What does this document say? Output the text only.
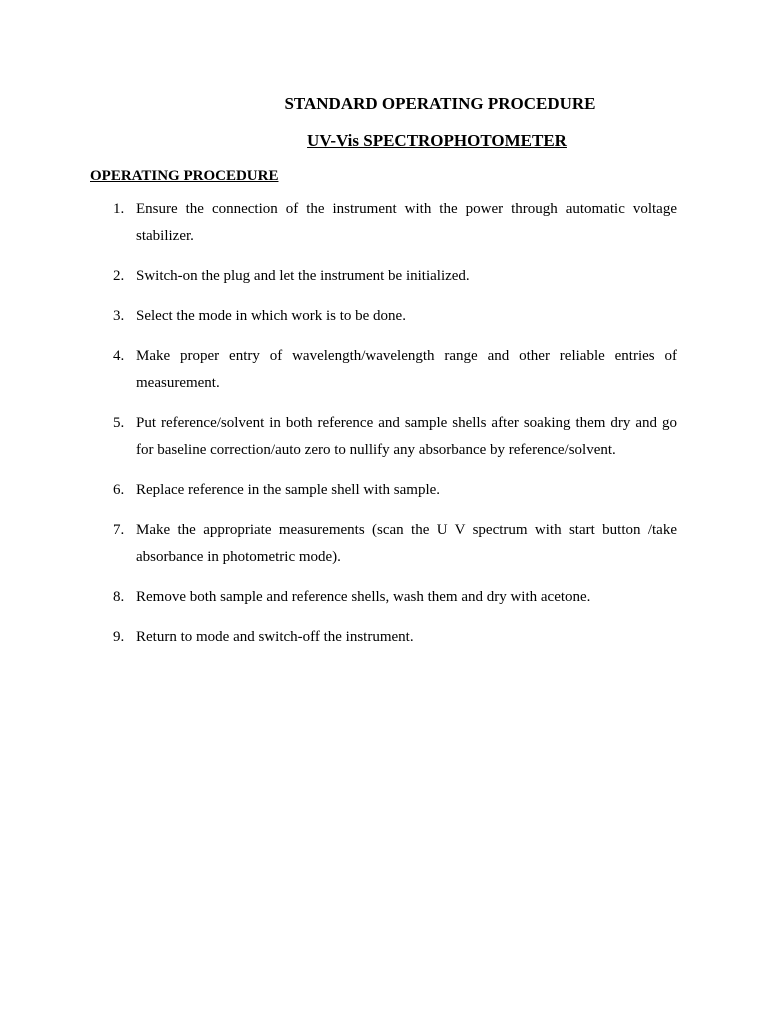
STANDARD OPERATING PROCEDURE
UV-Vis SPECTROPHOTOMETER
OPERATING PROCEDURE
1. Ensure the connection of the instrument with the power through automatic voltage stabilizer.
2. Switch-on the plug and let the instrument be initialized.
3. Select the mode in which work is to be done.
4. Make proper entry of wavelength/wavelength range and other reliable entries of measurement.
5. Put reference/solvent in both reference and sample shells after soaking them dry and go for baseline correction/auto zero to nullify any absorbance by reference/solvent.
6. Replace reference in the sample shell with sample.
7. Make the appropriate measurements (scan the U V spectrum with start button /take absorbance in photometric mode).
8. Remove both sample and reference shells, wash them and dry with acetone.
9. Return to mode and switch-off the instrument.
